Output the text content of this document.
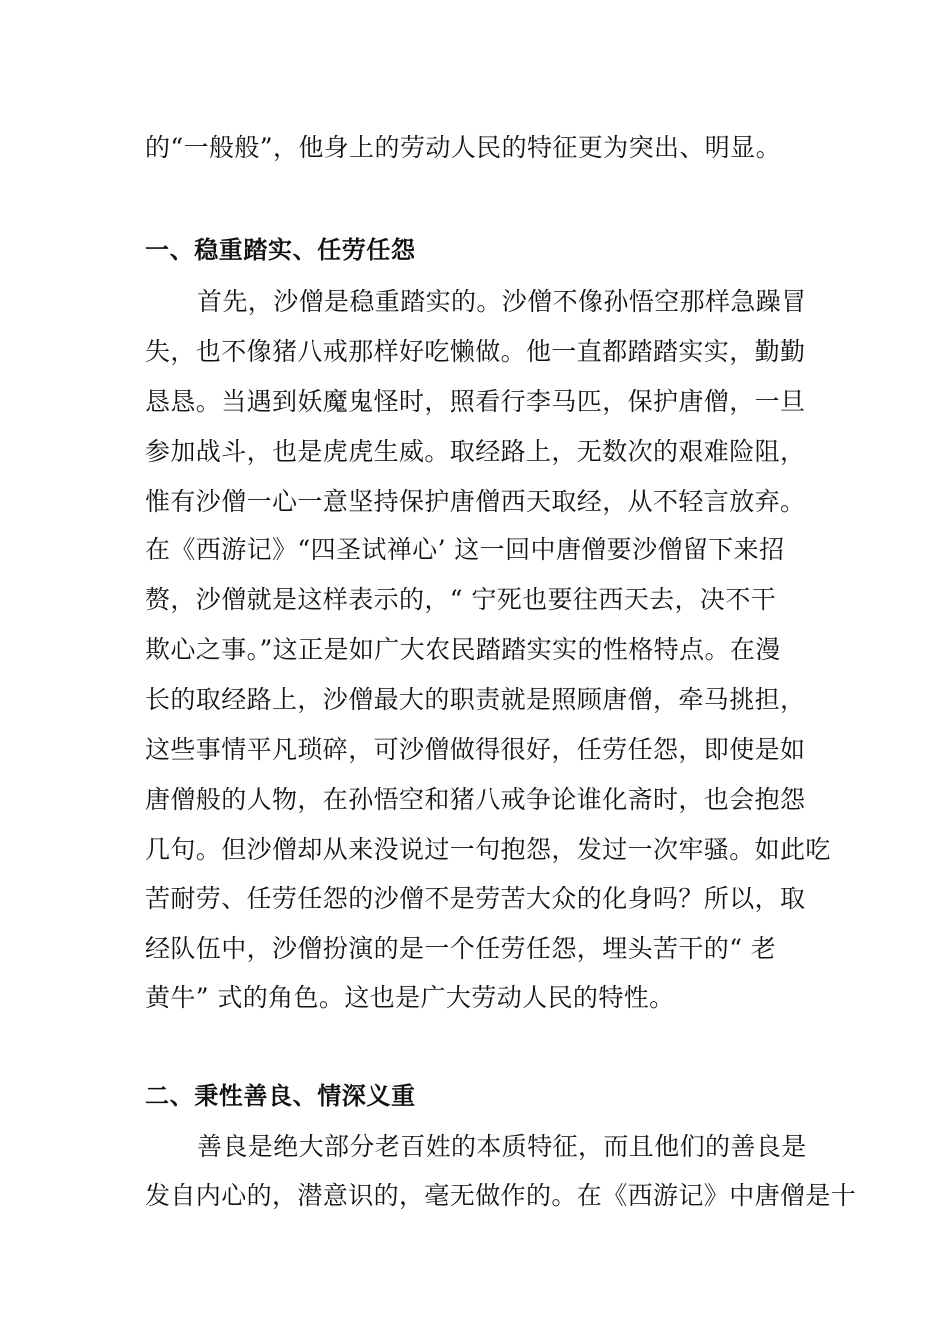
的“一般般”，他身上的劳动人民的特征更为突出、明显。
一、稳重踏实、任劳任怨
首先，沙僧是稳重踏实的。沙僧不像孙悟空那样急躁冒
失，也不像猪八戒那样好吃懒做。他一直都踏踏实实，勤勤
恳恳。当遇到妖魔鬼怪时，照看行李马匹，保护唐僧，一旦
参加战斗，也是虎虎生威。取经路上，无数次的艰难险阻，
惟有沙僧一心一意坚持保护唐僧西天取经，从不轻言放弃。
在《西游记》“四圣试禅心’ 这一回中唐僧要沙僧留下来招
赘，沙僧就是这样表示的，“ 宁死也要往西天去，决不干
欺心之事。”这正是如广大农民踏踏实实的性格特点。在漫
长的取经路上，沙僧最大的职责就是照顾唐僧，牵马挑担，
这些事情平凡琐碎，可沙僧做得很好，任劳任怨，即使是如
唐僧般的人物，在孙悟空和猪八戒争论谁化斋时，也会抱怨
几句。但沙僧却从来没说过一句抱怨，发过一次牢骚。如此吃
苦耐劳、任劳任怨的沙僧不是劳苦大众的化身吗？所以，取
经队伍中，沙僧扮演的是一个任劳任怨，埋头苦干的“ 老
黄牛” 式的角色。这也是广大劳动人民的特性。
二、秉性善良、情深义重
善良是绝大部分老百姓的本质特征，而且他们的善良是
发自内心的，潜意识的，毫无做作的。在《西游记》中唐僧是十
